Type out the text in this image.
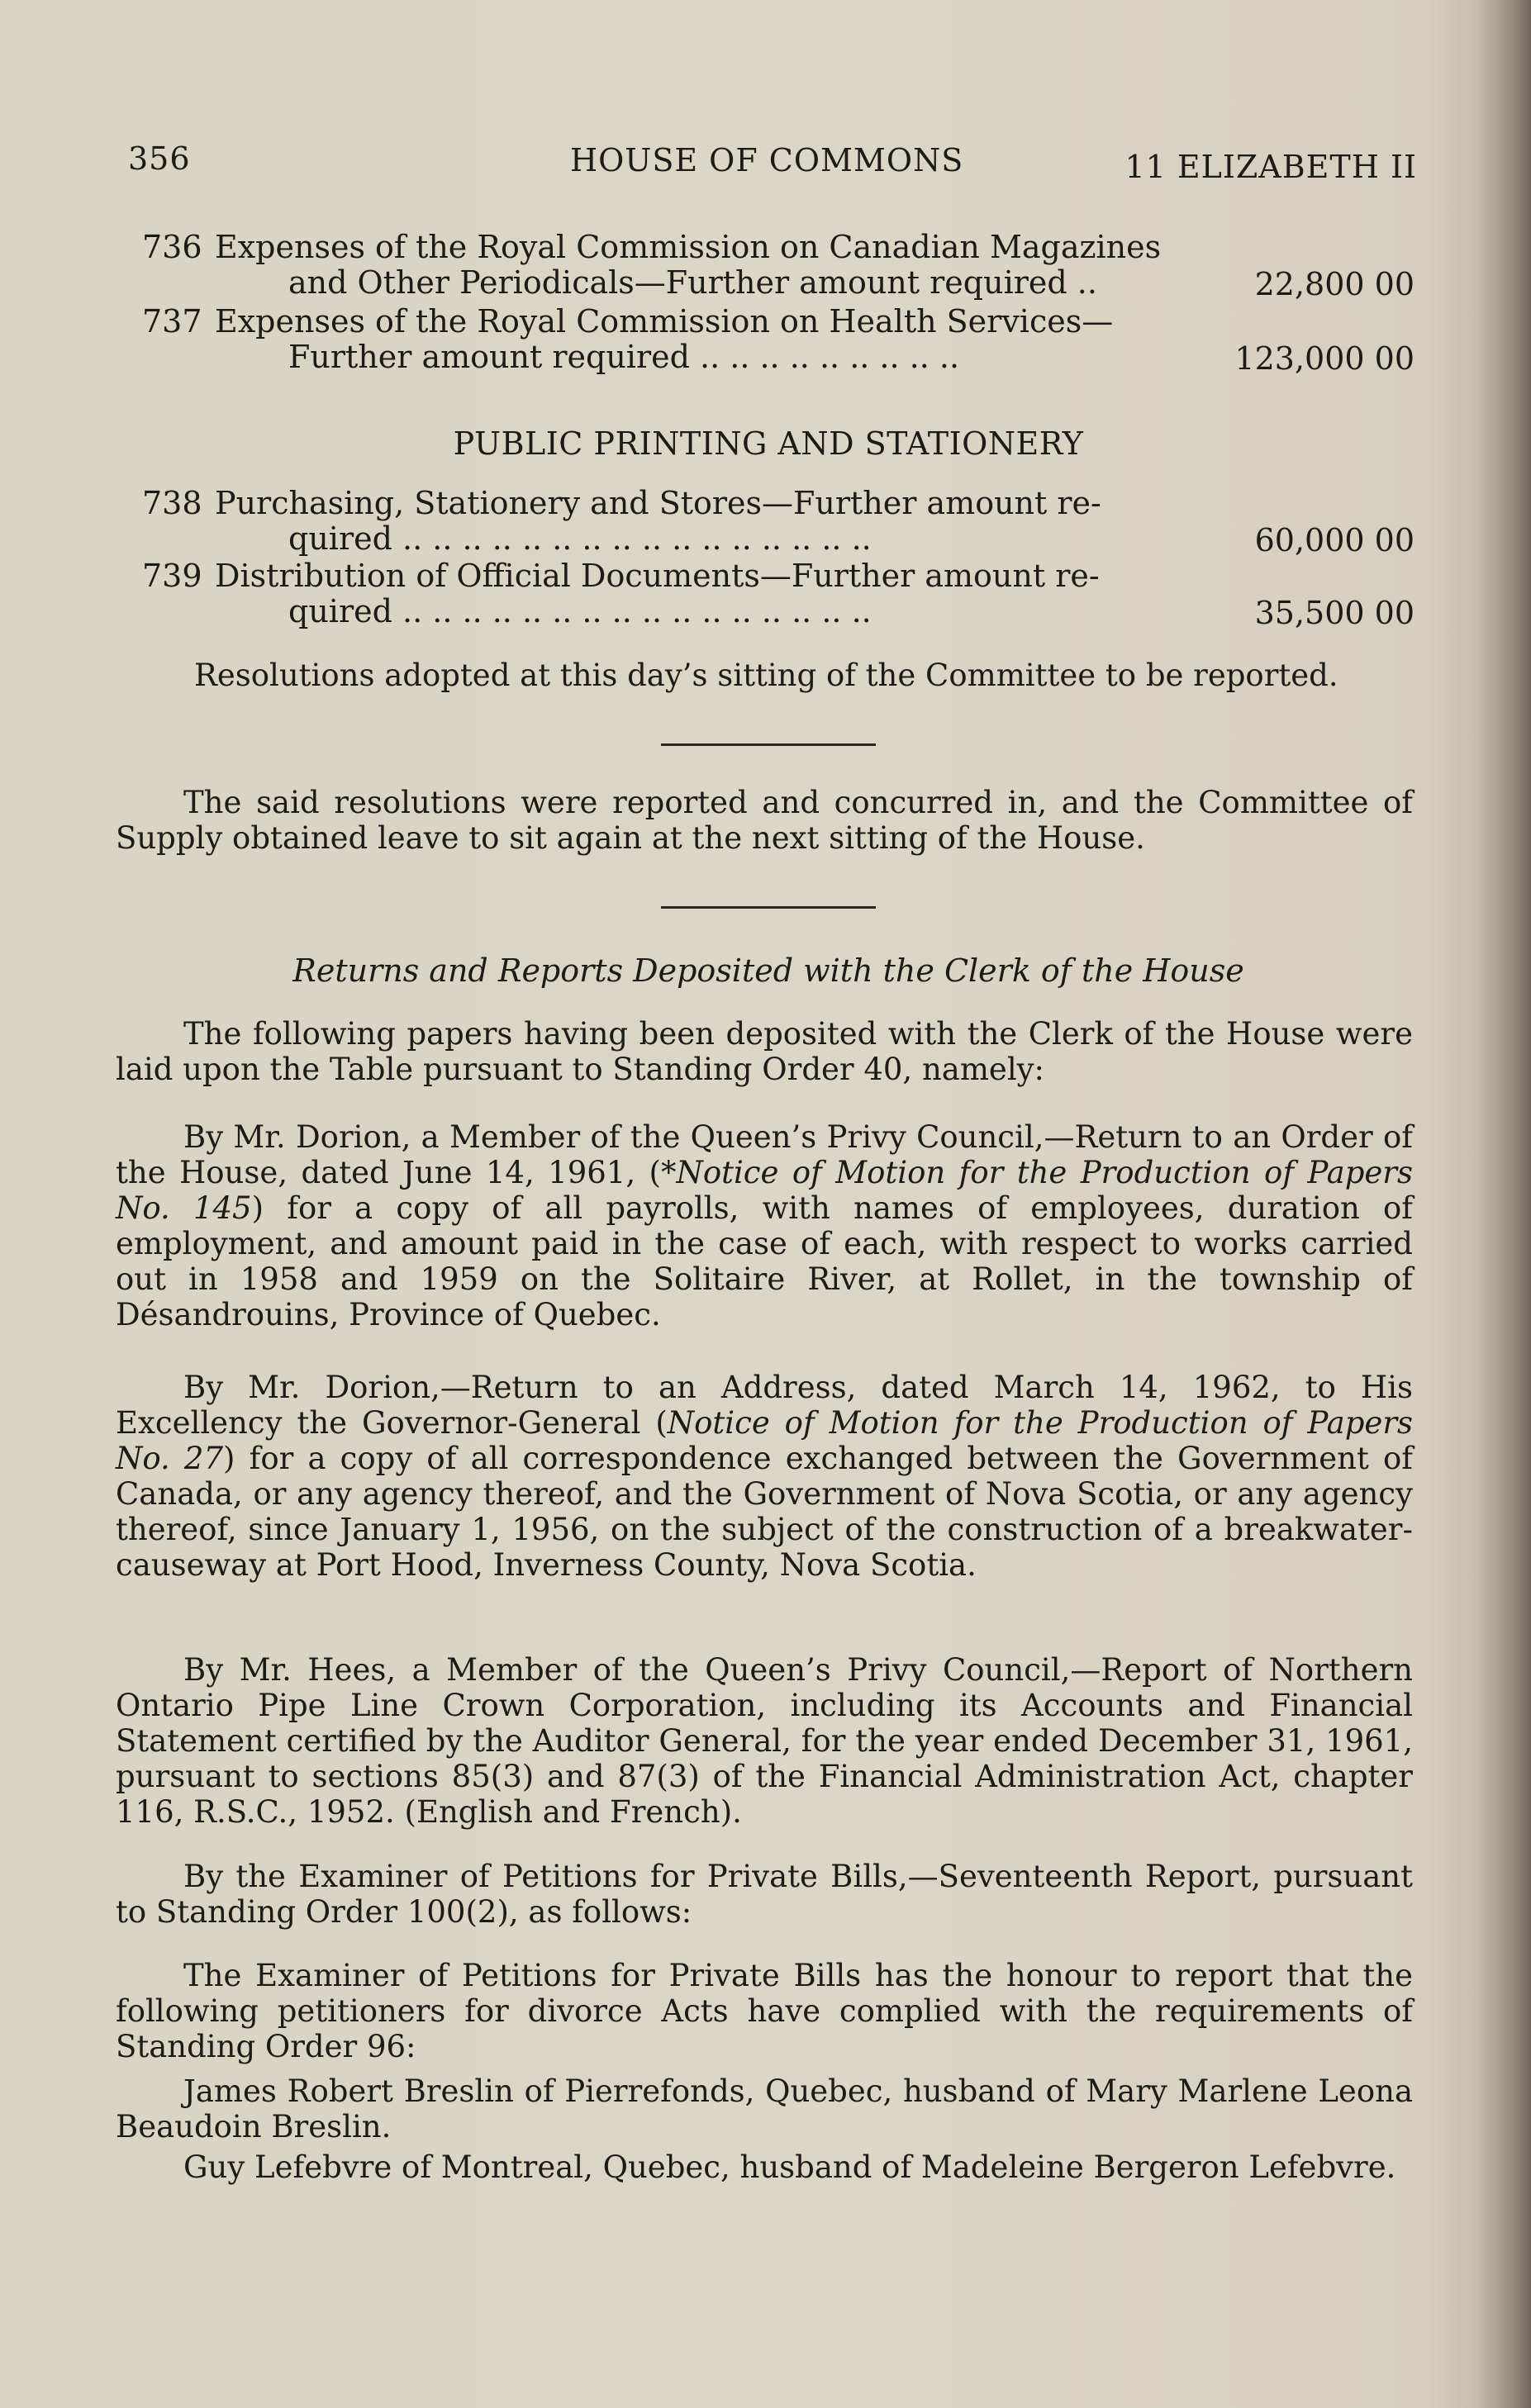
356	HOUSE OF COMMONS	11 ELIZABETH II
736 Expenses of the Royal Commission on Canadian Magazines
and Other Periodicals—Further amount required ..	22,800 00
737 Expenses of the Royal Commission on Health Services—
Further amount required .. .. .. .. .. .. .. .. ..	123,000 00
PUBLIC PRINTING AND STATIONERY
738 Purchasing, Stationery and Stores—Further amount re-
quired .. .. .. .. .. .. .. .. .. .. .. .. .. .. .. ..	60,000 00
739 Distribution of Official Documents—Further amount re-
quired .. .. .. .. .. .. .. .. .. .. .. .. .. .. .. ..	35,500 00
Resolutions adopted at this day’s sitting of the Committee to be reported.
The said resolutions were reported and concurred in, and the Committee of Supply obtained leave to sit again at the next sitting of the House.
Returns and Reports Deposited with the Clerk of the House
The following papers having been deposited with the Clerk of the House were laid upon the Table pursuant to Standing Order 40, namely:
By Mr. Dorion, a Member of the Queen’s Privy Council,—Return to an Order of the House, dated June 14, 1961, (*Notice of Motion for the Production of Papers No. 145) for a copy of all payrolls, with names of employees, duration of employment, and amount paid in the case of each, with respect to works carried out in 1958 and 1959 on the Solitaire River, at Rollet, in the township of Désandrouins, Province of Quebec.
By Mr. Dorion,—Return to an Address, dated March 14, 1962, to His Excellency the Governor-General (Notice of Motion for the Production of Papers No. 27) for a copy of all correspondence exchanged between the Government of Canada, or any agency thereof, and the Government of Nova Scotia, or any agency thereof, since January 1, 1956, on the subject of the construction of a breakwater-causeway at Port Hood, Inverness County, Nova Scotia.
By Mr. Hees, a Member of the Queen’s Privy Council,—Report of Northern Ontario Pipe Line Crown Corporation, including its Accounts and Financial Statement certified by the Auditor General, for the year ended December 31, 1961, pursuant to sections 85(3) and 87(3) of the Financial Administration Act, chapter 116, R.S.C., 1952. (English and French).
By the Examiner of Petitions for Private Bills,—Seventeenth Report, pursuant to Standing Order 100(2), as follows:
The Examiner of Petitions for Private Bills has the honour to report that the following petitioners for divorce Acts have complied with the requirements of Standing Order 96:
James Robert Breslin of Pierrefonds, Quebec, husband of Mary Marlene Leona Beaudoin Breslin.
Guy Lefebvre of Montreal, Quebec, husband of Madeleine Bergeron Lefebvre.
